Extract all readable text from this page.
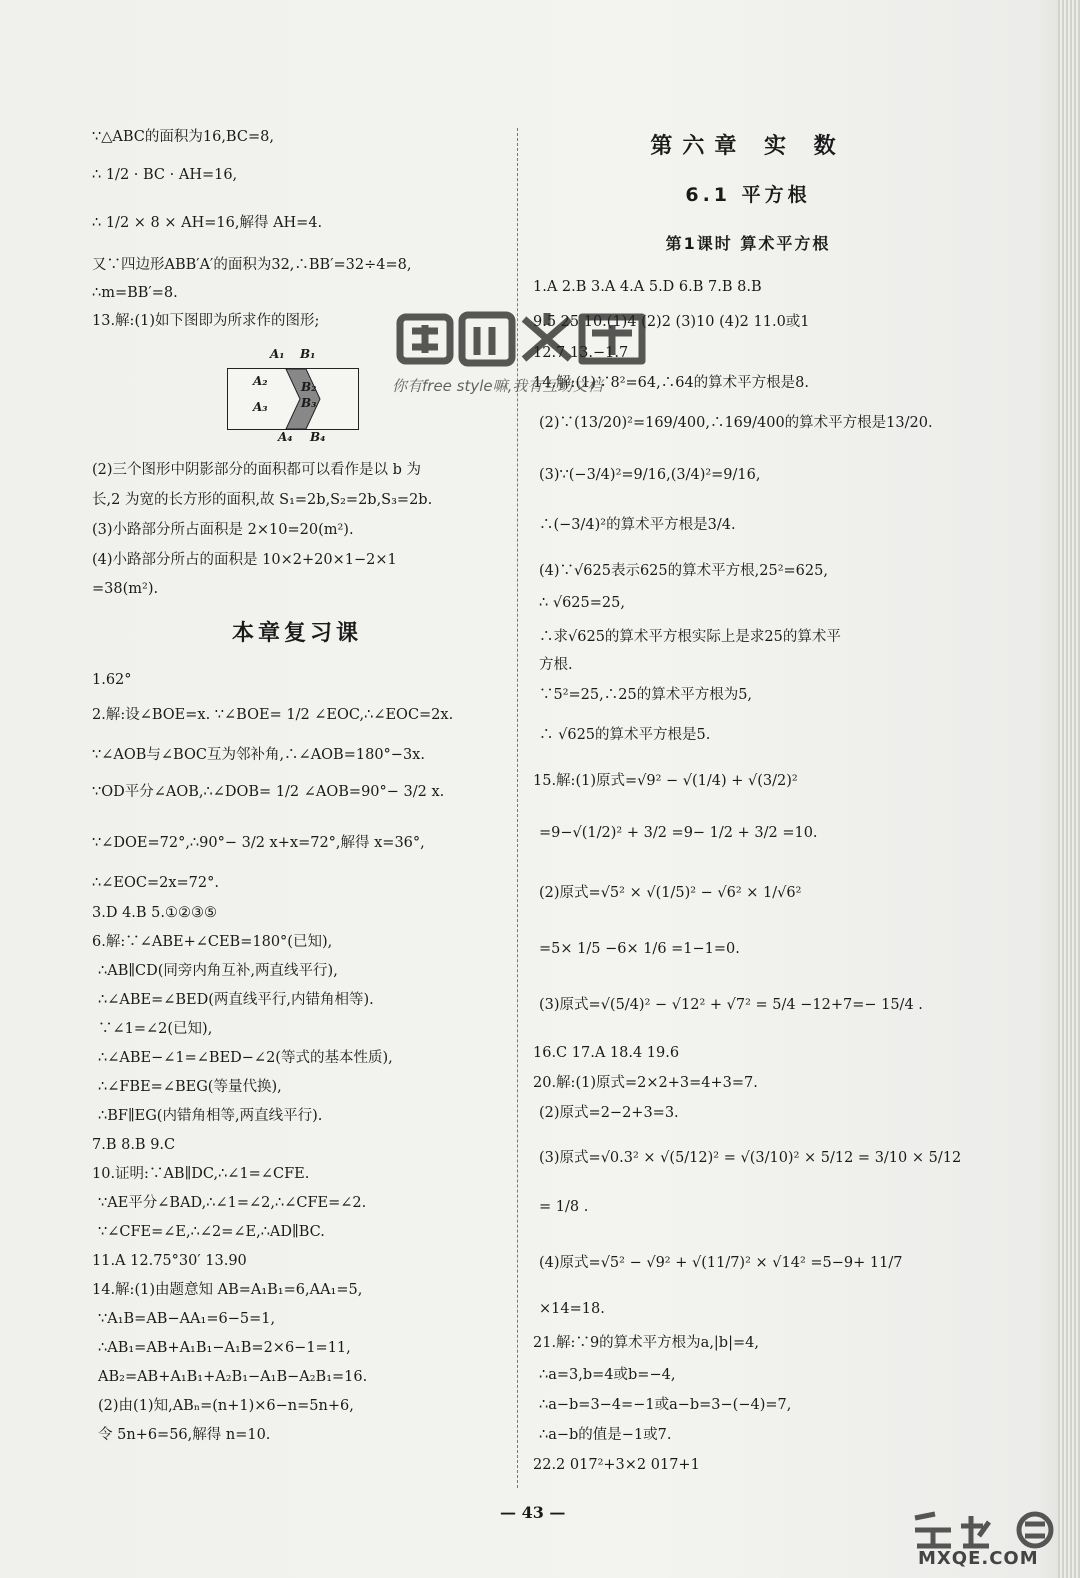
∵△ABC的面积为16,BC=8,
∴ 1/2 · BC · AH=16,
∴ 1/2 × 8 × AH=16,解得 AH=4.
又∵四边形ABB′A′的面积为32,∴BB′=32÷4=8,
∴m=BB′=8.
13.解:(1)如下图即为所求作的图形;
A₁ B₁
A₂	B₂
A₃	B₃
A₄ B₄
(2)三个图形中阴影部分的面积都可以看作是以 b 为
长,2 为宽的长方形的面积,故 S₁=2b,S₂=2b,S₃=2b.
(3)小路部分所占面积是 2×10=20(m²).
(4)小路部分所占的面积是 10×2+20×1−2×1
=38(m²).
本章复习课
1.62°
2.解:设∠BOE=x. ∵∠BOE= 1/2 ∠EOC,∴∠EOC=2x.
∵∠AOB与∠BOC互为邻补角,∴∠AOB=180°−3x.
∵OD平分∠AOB,∴∠DOB= 1/2 ∠AOB=90°− 3/2 x.
∵∠DOE=72°,∴90°− 3/2 x+x=72°,解得 x=36°,
∴∠EOC=2x=72°.
3.D 4.B 5.①②③⑤
6.解:∵∠ABE+∠CEB=180°(已知),
∴AB∥CD(同旁内角互补,两直线平行),
∴∠ABE=∠BED(两直线平行,内错角相等).
∵∠1=∠2(已知),
∴∠ABE−∠1=∠BED−∠2(等式的基本性质),
∴∠FBE=∠BEG(等量代换),
∴BF∥EG(内错角相等,两直线平行).
7.B 8.B 9.C
10.证明:∵AB∥DC,∴∠1=∠CFE.
∵AE平分∠BAD,∴∠1=∠2,∴∠CFE=∠2.
∵∠CFE=∠E,∴∠2=∠E,∴AD∥BC.
11.A 12.75°30′ 13.90
14.解:(1)由题意知 AB=A₁B₁=6,AA₁=5,
∵A₁B=AB−AA₁=6−5=1,
∴AB₁=AB+A₁B₁−A₁B=2×6−1=11,
AB₂=AB+A₁B₁+A₂B₁−A₁B−A₂B₁=16.
(2)由(1)知,ABₙ=(n+1)×6−n=5n+6,
令 5n+6=56,解得 n=10.
第六章 实 数
6.1 平方根
第1课时 算术平方根
1.A 2.B 3.A 4.A 5.D 6.B 7.B 8.B
9.5 25 10.(1)4 (2)2 (3)10 (4)2 11.0或1
12.7 13.−1.7
14.解:(1)∵8²=64,∴64的算术平方根是8.
(2)∵(13/20)²=169/400,∴169/400的算术平方根是13/20.
(3)∵(−3/4)²=9/16,(3/4)²=9/16,
∴(−3/4)²的算术平方根是3/4.
(4)∵√625表示625的算术平方根,25²=625,
∴ √625=25,
∴求√625的算术平方根实际上是求25的算术平
方根.
∵5²=25,∴25的算术平方根为5,
∴ √625的算术平方根是5.
15.解:(1)原式=√9² − √(1/4) + √(3/2)²
=9−√(1/2)² + 3/2 =9− 1/2 + 3/2 =10.
(2)原式=√5² × √(1/5)² − √6² × 1/√6²
=5× 1/5 −6× 1/6 =1−1=0.
(3)原式=√(5/4)² − √12² + √7² = 5/4 −12+7=− 15/4 .
16.C 17.A 18.4 19.6
20.解:(1)原式=2×2+3=4+3=7.
(2)原式=2−2+3=3.
(3)原式=√0.3² × √(5/12)² = √(3/10)² × 5/12 = 3/10 × 5/12
= 1/8 .
(4)原式=√5² − √9² + √(11/7)² × √14² =5−9+ 11/7
×14=18.
21.解:∵9的算术平方根为a,|b|=4,
∴a=3,b=4或b=−4,
∴a−b=3−4=−1或a−b=3−(−4)=7,
∴a−b的值是−1或7.
22.2 017²+3×2 017+1
— 43 —
你有free style嘛,我有互助文档
MXQE.COM
